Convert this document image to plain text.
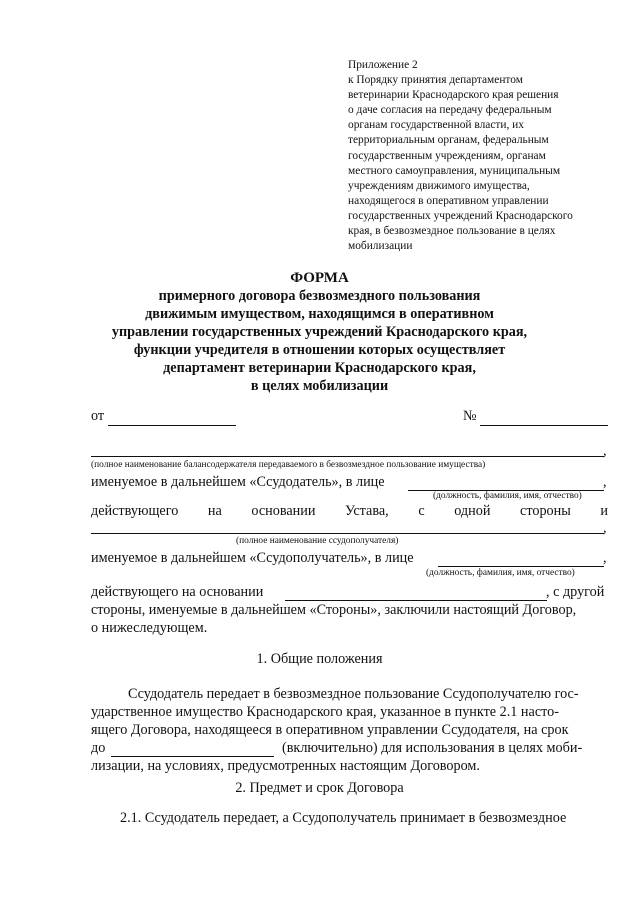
Приложение 2
к Порядку принятия департаментом
ветеринарии Краснодарского края решения
о даче согласия на передачу федеральным
органам государственной власти, их
территориальным органам, федеральным
государственным учреждениям, органам
местного самоуправления, муниципальным
учреждениям движимого имущества,
находящегося в оперативном управлении
государственных учреждений Краснодарского
края, в безвозмездное пользование в целях
мобилизации
ФОРМА
примерного договора безвозмездного пользования
движимым имуществом, находящимся в оперативном
управлении государственных учреждений Краснодарского края,
функции учредителя в отношении которых осуществляет
департамент ветеринарии Краснодарского края,
в целях мобилизации
от	№
,
(полное наименование балансодержателя передаваемого в безвозмездное пользование имущества)
именуемое в дальнейшем «Ссудодатель», в лице	,
(должность, фамилия, имя, отчество)
действующего на основании Устава, с одной стороны и
,
(полное наименование ссудополучателя)
именуемое в дальнейшем «Ссудополучатель», в лице	,
(должность, фамилия, имя, отчество)
действующего на основании	, с другой
стороны, именуемые в дальнейшем «Стороны», заключили настоящий Договор,
о нижеследующем.
1. Общие положения
Ссудодатель передает в безвозмездное пользование Ссудополучателю гос-
ударственное имущество Краснодарского края, указанное в пункте 2.1 насто-
ящего Договора, находящееся в оперативном управлении Ссудодателя, на срок
до	(включительно) для использования в целях моби-
лизации, на условиях, предусмотренных настоящим Договором.
2. Предмет и срок Договора
2.1. Ссудодатель передает, а Ссудополучатель принимает в безвозмездное
